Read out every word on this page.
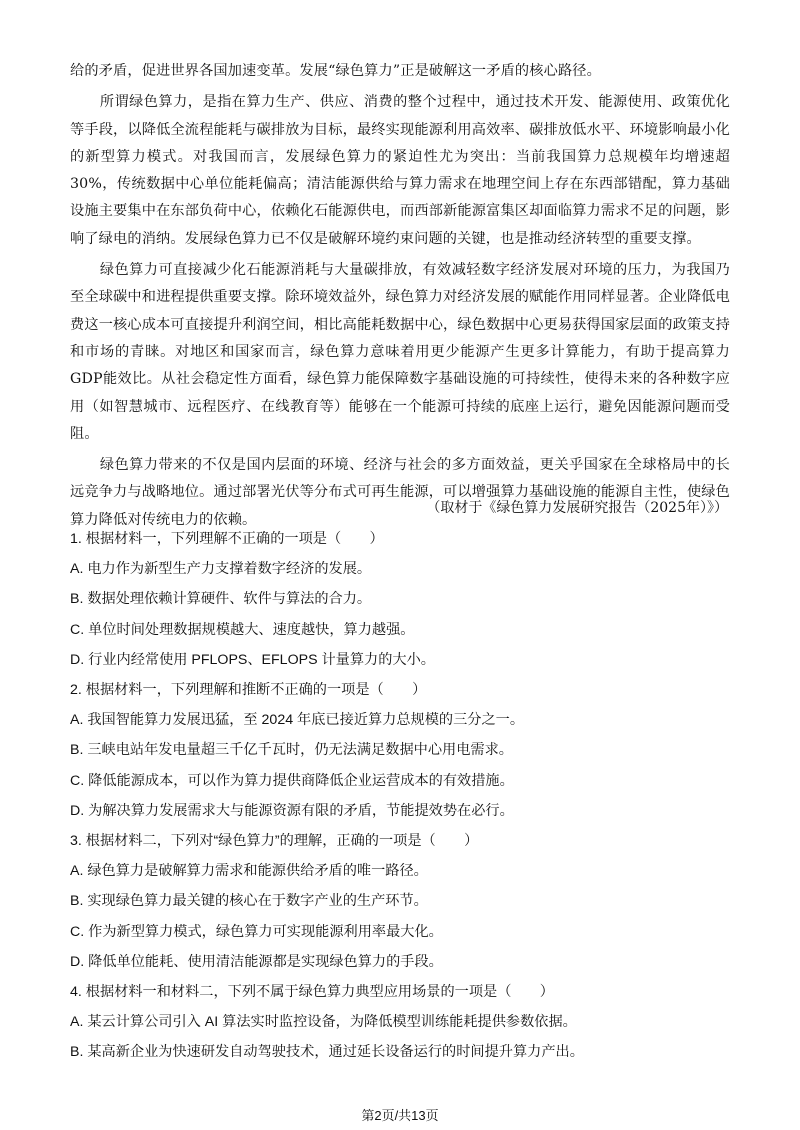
给的矛盾，促进世界各国加速变革。发展“绿色算力”正是破解这一矛盾的核心路径。

所谓绿色算力，是指在算力生产、供应、消费的整个过程中，通过技术开发、能源使用、政策优化等手段，以降低全流程能耗与碳排放为目标，最终实现能源利用高效率、碳排放低水平、环境影响最小化的新型算力模式。对我国而言，发展绿色算力的紧迫性尤为突出：当前我国算力总规模年均增速超30%，传统数据中心单位能耗偏高；清洁能源供给与算力需求在地理空间上存在东西部错配，算力基础设施主要集中在东部负荷中心，依赖化石能源供电，而西部新能源富集区却面临算力需求不足的问题，影响了绿电的消纳。发展绿色算力已不仅是破解环境约束问题的关键，也是推动经济转型的重要支撑。

绿色算力可直接减少化石能源消耗与大量碳排放，有效减轻数字经济发展对环境的压力，为我国乃至全球碳中和进程提供重要支撑。除环境效益外，绿色算力对经济发展的赋能作用同样显著。企业降低电费这一核心成本可直接提升利润空间，相比高能耗数据中心，绿色数据中心更易获得国家层面的政策支持和市场的青睐。对地区和国家而言，绿色算力意味着用更少能源产生更多计算能力，有助于提高算力GDP能效比。从社会稳定性方面看，绿色算力能保障数字基础设施的可持续性，使得未来的各种数字应用（如智慧城市、远程医疗、在线教育等）能够在一个能源可持续的底座上运行，避免因能源问题而受阻。

绿色算力带来的不仅是国内层面的环境、经济与社会的多方面效益，更关乎国家在全球格局中的长远竞争力与战略地位。通过部署光伏等分布式可再生能源，可以增强算力基础设施的能源自主性，使绿色算力降低对传统电力的依赖。

（取材于《绿色算力发展研究报告（2025年）》）

1. 根据材料一，下列理解不正确的一项是（　　）

A. 电力作为新型生产力支撑着数字经济的发展。

B. 数据处理依赖计算硬件、软件与算法的合力。

C. 单位时间处理数据规模越大、速度越快，算力越强。

D. 行业内经常使用 PFLOPS、EFLOPS 计量算力的大小。

2. 根据材料一，下列理解和推断不正确的一项是（　　）

A. 我国智能算力发展迅猛，至 2024 年底已接近算力总规模的三分之一。

B. 三峡电站年发电量超三千亿千瓦时，仍无法满足数据中心用电需求。

C. 降低能源成本，可以作为算力提供商降低企业运营成本的有效措施。

D. 为解决算力发展需求大与能源资源有限的矛盾，节能提效势在必行。

3. 根据材料二，下列对“绿色算力”的理解，正确的一项是（　　）

A. 绿色算力是破解算力需求和能源供给矛盾的唯一路径。

B. 实现绿色算力最关键的核心在于数字产业的生产环节。

C. 作为新型算力模式，绿色算力可实现能源利用率最大化。

D. 降低单位能耗、使用清洁能源都是实现绿色算力的手段。

4. 根据材料一和材料二，下列不属于绿色算力典型应用场景的一项是（　　）

A. 某云计算公司引入 AI 算法实时监控设备，为降低模型训练能耗提供参数依据。

B. 某高新企业为快速研发自动驾驶技术，通过延长设备运行的时间提升算力产出。

第2页/共13页
